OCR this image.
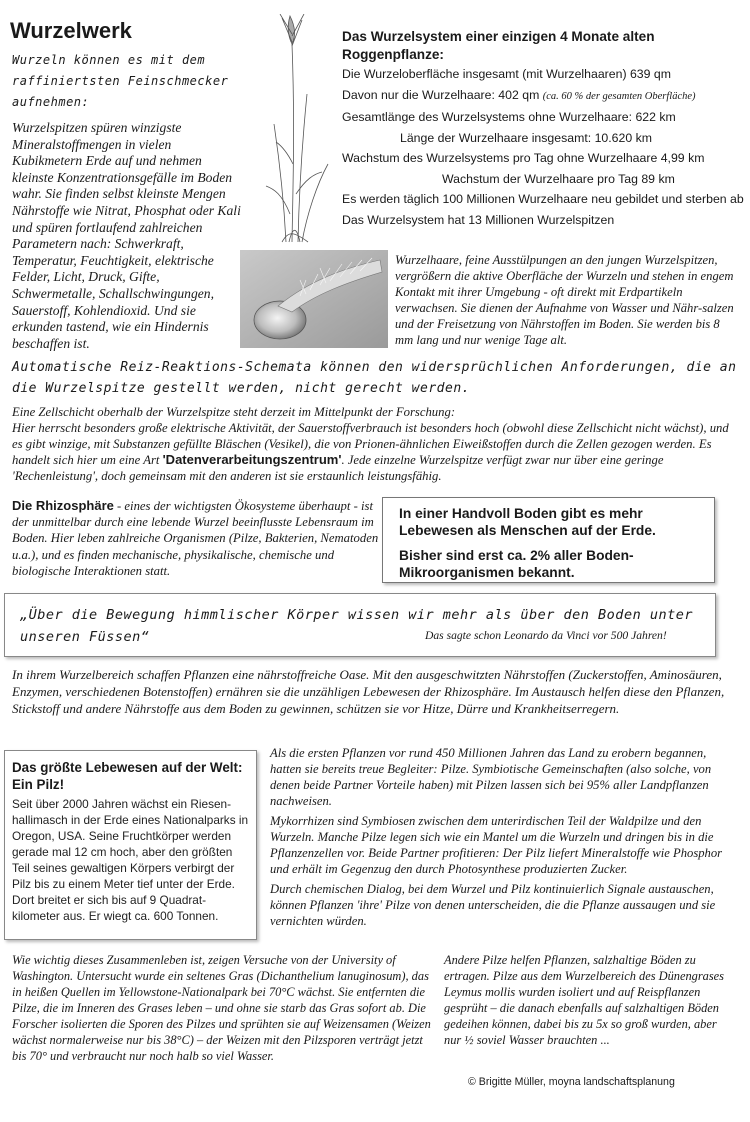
Wurzelwerk
Wurzeln können es mit dem raffiniertsten Feinschmecker aufnehmen:
Wurzelspitzen spüren winzigste Mineralstoffmengen in vielen Kubikmetern Erde auf und nehmen kleinste Konzentrationsgefälle im Boden wahr. Sie finden selbst kleinste Mengen Nährstoffe wie Nitrat, Phosphat oder Kali und spüren fortlaufend zahlreichen Parametern nach: Schwerkraft, Temperatur, Feuchtigkeit, elektrische Felder, Licht, Druck, Gifte, Schwermetalle, Schallschwingungen, Sauerstoff, Kohlendioxid. Und sie erkunden tastend, wie ein Hindernis beschaffen ist.
Das Wurzelsystem einer einzigen 4 Monate alten Roggenpflanze:
Die Wurzeloberfläche insgesamt (mit Wurzelhaaren) 639 qm
Davon nur die Wurzelhaare: 402 qm (ca. 60 % der gesamten Oberfläche)
Gesamtlänge des Wurzelsystems ohne Wurzelhaare: 622 km
Länge der Wurzelhaare insgesamt: 10.620 km
Wachstum des Wurzelsystems pro Tag ohne Wurzelhaare 4,99 km
Wachstum der Wurzelhaare pro Tag 89 km
Es werden täglich 100 Millionen Wurzelhaare neu gebildet und sterben ab
Das Wurzelsystem hat 13 Millionen Wurzelspitzen
Wurzelhaare, feine Ausstülpungen an den jungen Wurzelspitzen, vergrößern die aktive Oberfläche der Wurzeln und stehen in engem Kontakt mit ihrer Umgebung - oft direkt mit Erdpartikeln verwachsen. Sie dienen der Aufnahme von Wasser und Nähr-salzen und der Freisetzung von Nährstoffen im Boden. Sie werden bis 8 mm lang und nur wenige Tage alt.
Automatische Reiz-Reaktions-Schemata können den widersprüchlichen Anforderungen, die an die Wurzelspitze gestellt werden, nicht gerecht werden.
Eine Zellschicht oberhalb der Wurzelspitze steht derzeit im Mittelpunkt der Forschung:
Hier herrscht besonders große elektrische Aktivität, der Sauerstoffverbrauch ist besonders hoch (obwohl diese Zellschicht nicht wächst), und es gibt winzige, mit Substanzen gefüllte Bläschen (Vesikel), die von Prionen-ähnlichen Eiweißstoffen durch die Zellen gezogen werden. Es handelt sich hier um eine Art 'Datenverarbeitungszentrum'. Jede einzelne Wurzelspitze verfügt zwar nur über eine geringe 'Rechenleistung', doch gemeinsam mit den anderen ist sie erstaunlich leistungsfähig.
Die Rhizosphäre - eines der wichtigsten Ökosysteme überhaupt - ist der unmittelbar durch eine lebende Wurzel beeinflusste Lebensraum im Boden. Hier leben zahlreiche Organismen (Pilze, Bakterien, Nematoden u.a.), und es finden mechanische, physikalische, chemische und biologische Interaktionen statt.

In einer Handvoll Boden gibt es mehr Lebewesen als Menschen auf der Erde.

Bisher sind erst ca. 2% aller Boden-Mikroorganismen bekannt.

„Über die Bewegung himmlischer Körper wissen wir mehr als über den Boden unter unseren Füssen“	Das sagte schon Leonardo da Vinci vor 500 Jahren!
In ihrem Wurzelbereich schaffen Pflanzen eine nährstoffreiche Oase. Mit den ausgeschwitzten Nährstoffen (Zuckerstoffen, Aminosäuren, Enzymen, verschiedenen Botenstoffen) ernähren sie die unzähligen Lebewesen der Rhizosphäre. Im Austausch helfen diese den Pflanzen, Stickstoff und andere Nährstoffe aus dem Boden zu gewinnen, schützen sie vor Hitze, Dürre und Krankheitserregern.
Das größte Lebewesen auf der Welt: Ein Pilz!
Seit über 2000 Jahren wächst ein Riesen-hallimasch in der Erde eines Nationalparks in Oregon, USA. Seine Fruchtkörper werden gerade mal 12 cm hoch, aber den größten Teil seines gewaltigen Körpers verbirgt der Pilz bis zu einem Meter tief unter der Erde. Dort breitet er sich bis auf 9 Quadrat-kilometer aus. Er wiegt ca. 600 Tonnen.

Als die ersten Pflanzen vor rund 450 Millionen Jahren das Land zu erobern begannen, hatten sie bereits treue Begleiter: Pilze. Symbiotische Gemeinschaften (also solche, von denen beide Partner Vorteile haben) mit Pilzen lassen sich bei 95% aller Landpflanzen nachweisen.

Mykorrhizen sind Symbiosen zwischen dem unterirdischen Teil der Waldpilze und den Wurzeln. Manche Pilze legen sich wie ein Mantel um die Wurzeln und dringen bis in die Pflanzenzellen vor. Beide Partner profitieren: Der Pilz liefert Mineralstoffe wie Phosphor und erhält im Gegenzug den durch Photosynthese produzierten Zucker.

Durch chemischen Dialog, bei dem Wurzel und Pilz kontinuierlich Signale austauschen, können Pflanzen 'ihre' Pilze von denen unterscheiden, die die Pflanze aussaugen und sie vernichten würden.

Wie wichtig dieses Zusammenleben ist, zeigen Versuche von der University of Washington. Untersucht wurde ein seltenes Gras (Dichanthelium lanuginosum), das in heißen Quellen im Yellowstone-Nationalpark bei 70°C wächst. Sie entfernten die Pilze, die im Inneren des Grases leben – und ohne sie starb das Gras sofort ab. Die Forscher isolierten die Sporen des Pilzes und sprühten sie auf Weizensamen (Weizen wächst normalerweise nur bis 38°C) – der Weizen mit den Pilzsporen verträgt jetzt bis 70° und verbraucht nur noch halb so viel Wasser.
Andere Pilze helfen Pflanzen, salzhaltige Böden zu ertragen. Pilze aus dem Wurzelbereich des Dünengrases Leymus mollis wurden isoliert und auf Reispflanzen gesprüht – die danach ebenfalls auf salzhaltigen Böden gedeihen können, dabei bis zu 5x so groß wurden, aber nur ½ soviel Wasser brauchten ...
© Brigitte Müller, moyna landschaftsplanung
